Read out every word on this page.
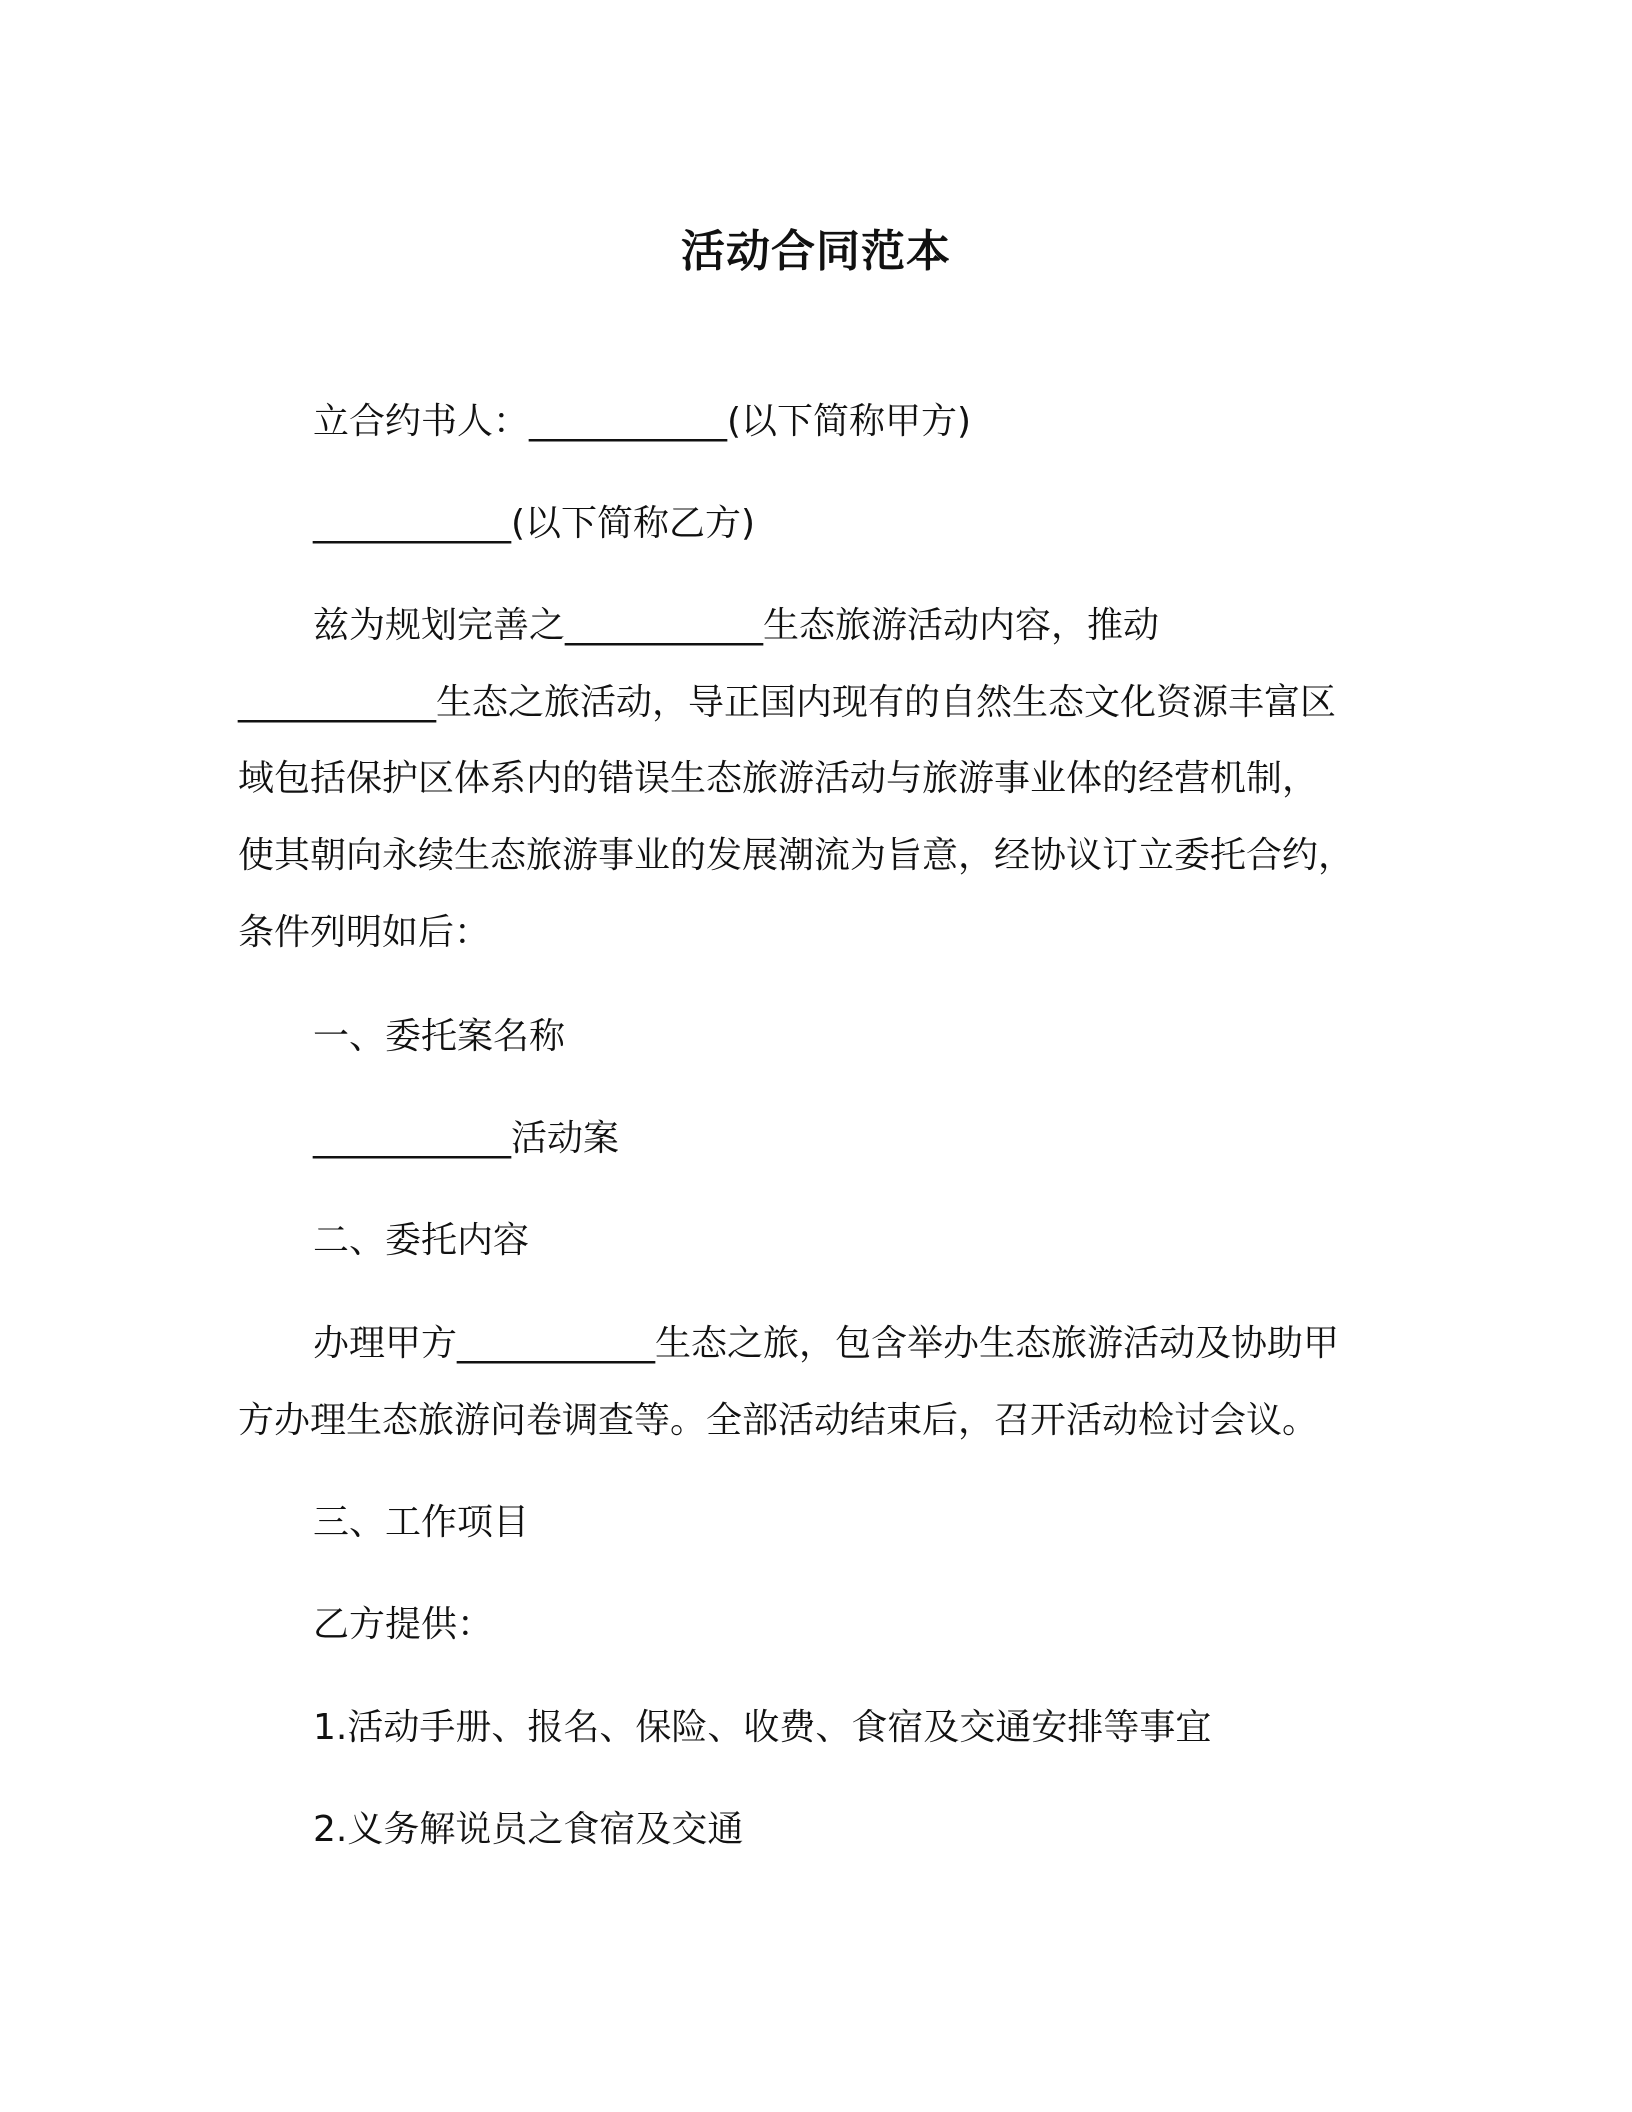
活动合同范本
立合约书人：___________(以下简称甲方)
___________(以下简称乙方)
兹为规划完善之___________生态旅游活动内容，推动
___________生态之旅活动，导正国内现有的自然生态文化资源丰富区
域包括保护区体系内的错误生态旅游活动与旅游事业体的经营机制，
使其朝向永续生态旅游事业的发展潮流为旨意，经协议订立委托合约，
条件列明如后：
一、委托案名称
___________活动案
二、委托内容
办理甲方___________生态之旅，包含举办生态旅游活动及协助甲
方办理生态旅游问卷调查等。全部活动结束后，召开活动检讨会议。
三、工作项目
乙方提供：
1.活动手册、报名、保险、收费、食宿及交通安排等事宜
2.义务解说员之食宿及交通
